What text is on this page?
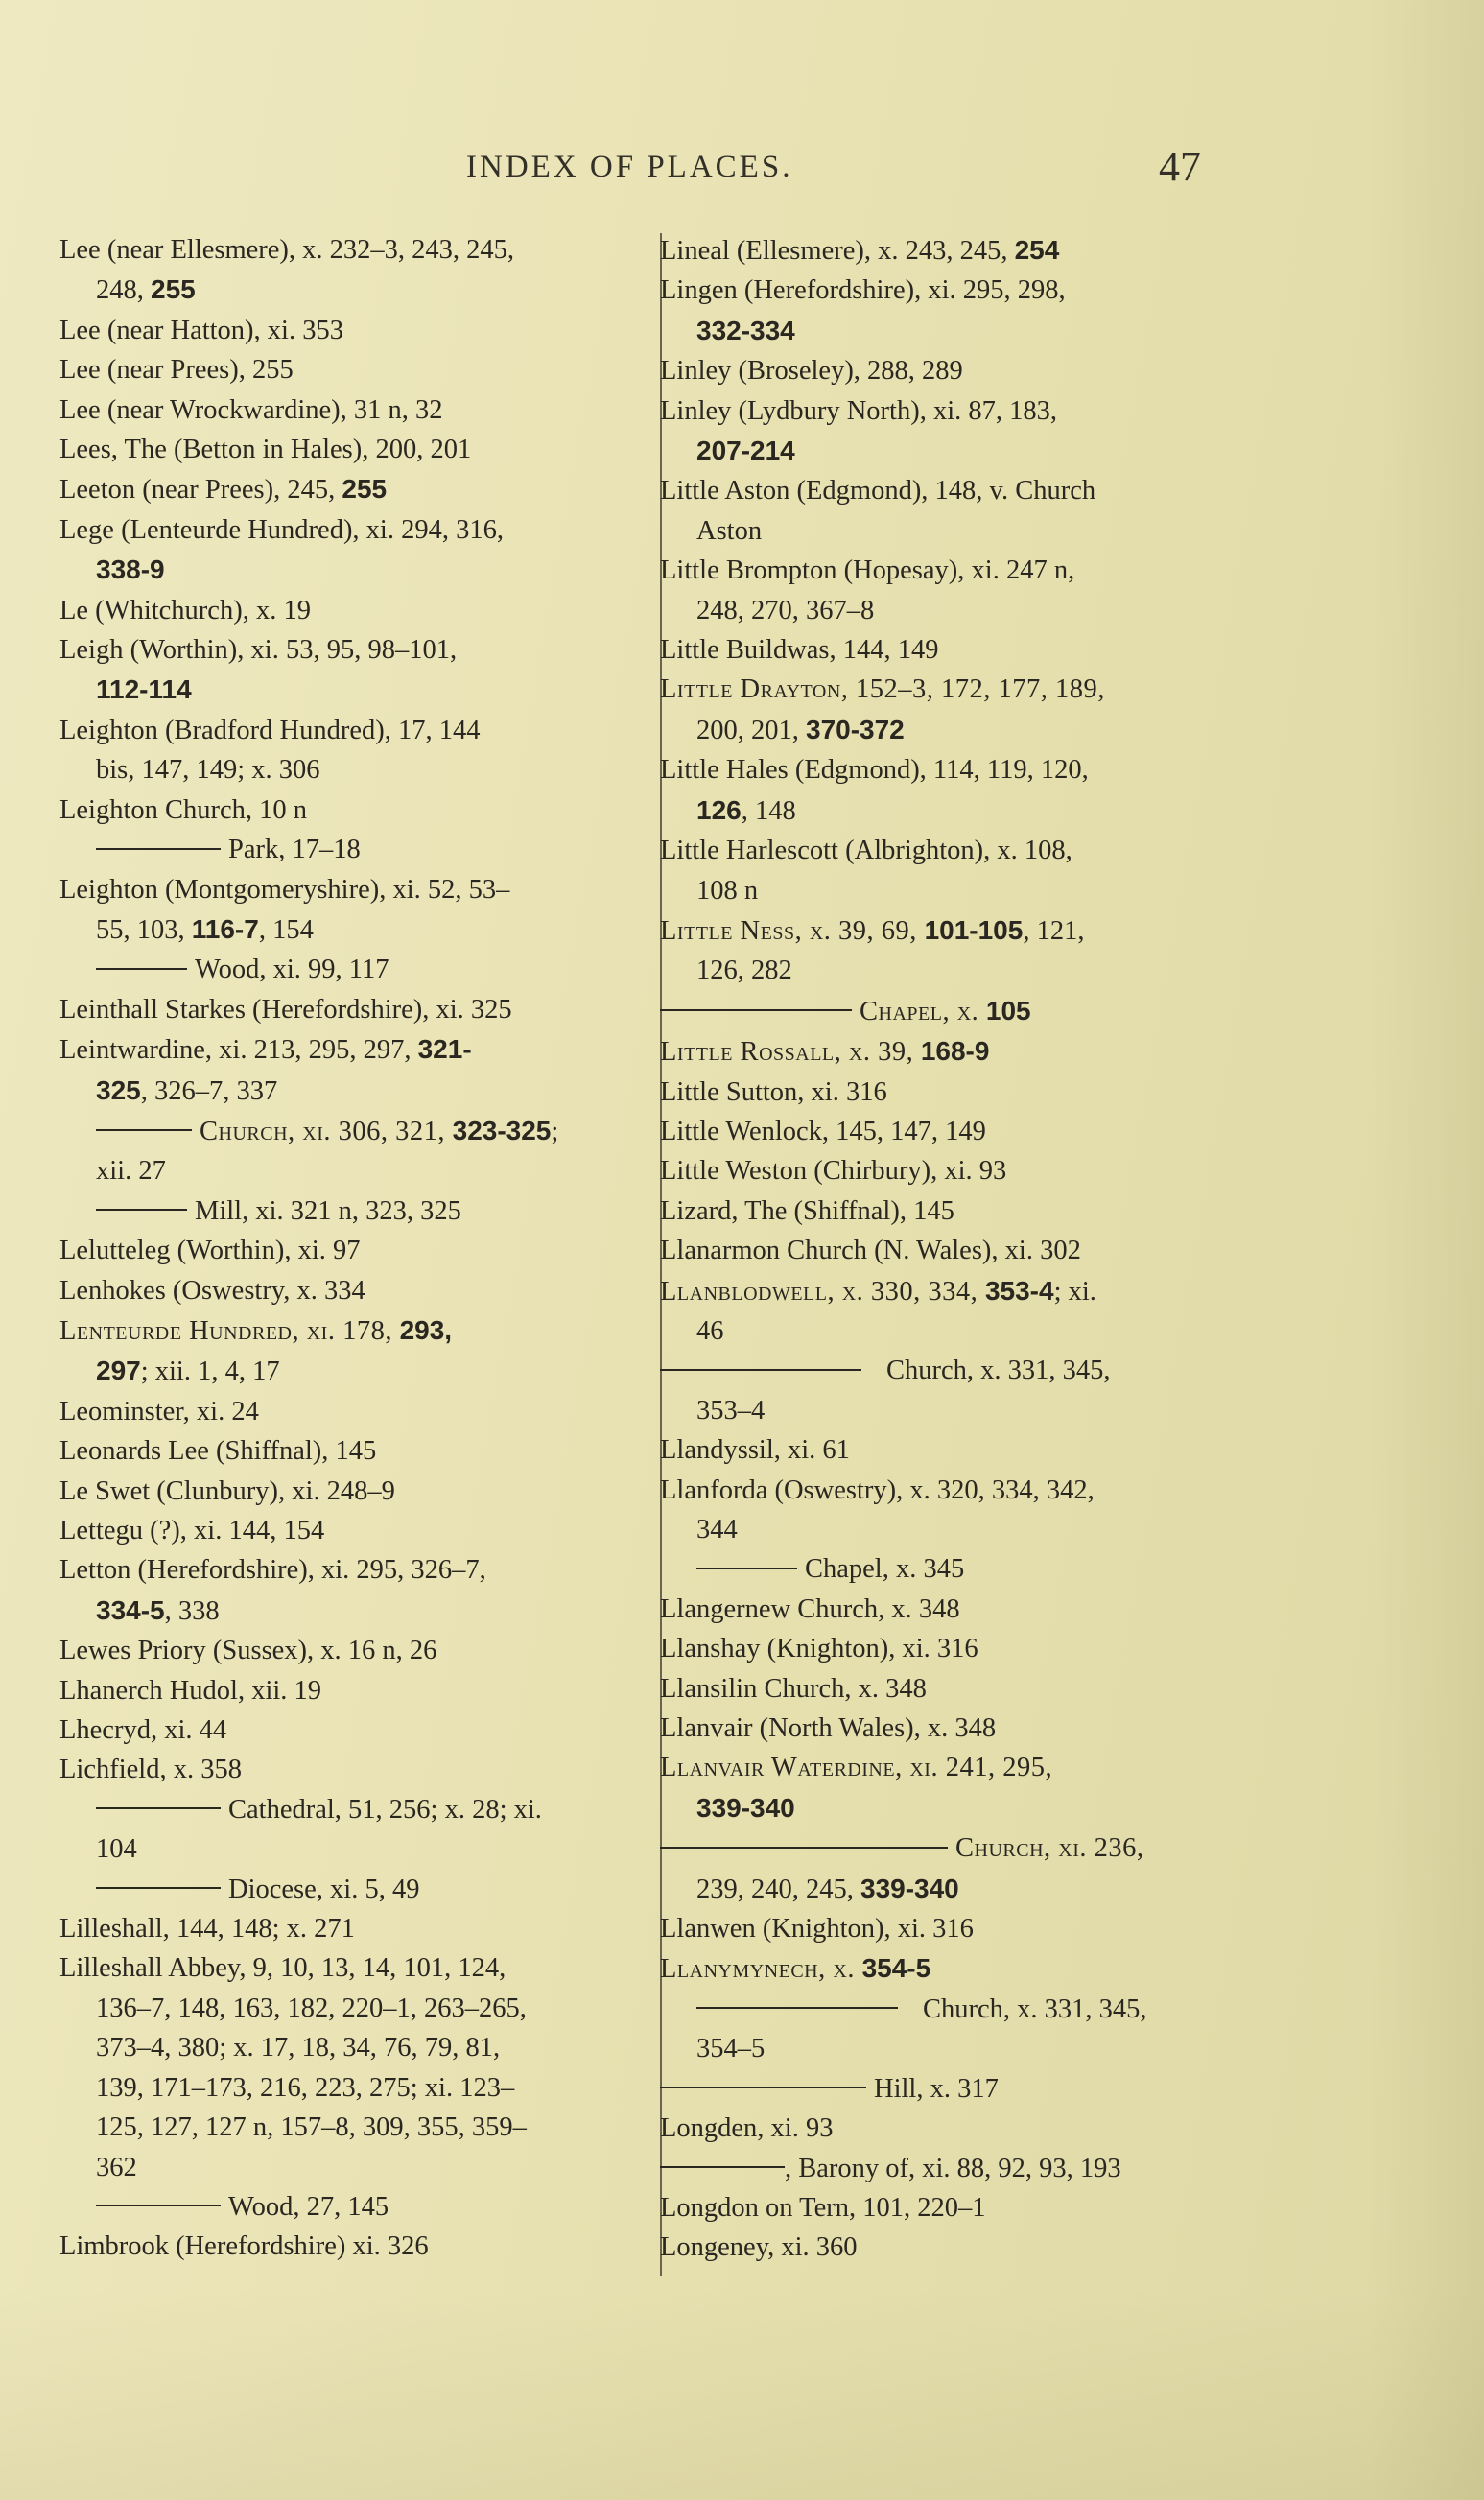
INDEX OF PLACES.	47
Lee (near Ellesmere), x. 232–3, 243, 245,
248, 255
Lee (near Hatton), xi. 353
Lee (near Prees), 255
Lee (near Wrockwardine), 31 n, 32
Lees, The (Betton in Hales), 200, 201
Leeton (near Prees), 245, 255
Lege (Lenteurde Hundred), xi. 294, 316,
338-9
Le (Whitchurch), x. 19
Leigh (Worthin), xi. 53, 95, 98–101,
112-114
Leighton (Bradford Hundred), 17, 144
bis, 147, 149; x. 306
Leighton Church, 10 n
Park, 17–18
Leighton (Montgomeryshire), xi. 52, 53–
55, 103, 116-7, 154
Wood, xi. 99, 117
Leinthall Starkes (Herefordshire), xi. 325
Leintwardine, xi. 213, 295, 297, 321-
325, 326–7, 337
Church, xi. 306, 321, 323-325;
xii. 27
Mill, xi. 321 n, 323, 325
Lelutteleg (Worthin), xi. 97
Lenhokes (Oswestry, x. 334
Lenteurde Hundred, xi. 178, 293,
297; xii. 1, 4, 17
Leominster, xi. 24
Leonards Lee (Shiffnal), 145
Le Swet (Clunbury), xi. 248–9
Lettegu (?), xi. 144, 154
Letton (Herefordshire), xi. 295, 326–7,
334-5, 338
Lewes Priory (Sussex), x. 16 n, 26
Lhanerch Hudol, xii. 19
Lhecryd, xi. 44
Lichfield, x. 358
Cathedral, 51, 256; x. 28; xi.
104
Diocese, xi. 5, 49
Lilleshall, 144, 148; x. 271
Lilleshall Abbey, 9, 10, 13, 14, 101, 124,
136–7, 148, 163, 182, 220–1, 263–265,
373–4, 380; x. 17, 18, 34, 76, 79, 81,
139, 171–173, 216, 223, 275; xi. 123–
125, 127, 127 n, 157–8, 309, 355, 359–
362
Wood, 27, 145
Limbrook (Herefordshire) xi. 326
Lineal (Ellesmere), x. 243, 245, 254
Lingen (Herefordshire), xi. 295, 298,
332-334
Linley (Broseley), 288, 289
Linley (Lydbury North), xi. 87, 183,
207-214
Little Aston (Edgmond), 148, v. Church
Aston
Little Brompton (Hopesay), xi. 247 n,
248, 270, 367–8
Little Buildwas, 144, 149
Little Drayton, 152–3, 172, 177, 189,
200, 201, 370-372
Little Hales (Edgmond), 114, 119, 120,
126, 148
Little Harlescott (Albrighton), x. 108,
108 n
Little Ness, x. 39, 69, 101-105, 121,
126, 282
Chapel, x. 105
Little Rossall, x. 39, 168-9
Little Sutton, xi. 316
Little Wenlock, 145, 147, 149
Little Weston (Chirbury), xi. 93
Lizard, The (Shiffnal), 145
Llanarmon Church (N. Wales), xi. 302
Llanblodwell, x. 330, 334, 353-4; xi.
46
Church, x. 331, 345,
353–4
Llandyssil, xi. 61
Llanforda (Oswestry), x. 320, 334, 342,
344
Chapel, x. 345
Llangernew Church, x. 348
Llanshay (Knighton), xi. 316
Llansilin Church, x. 348
Llanvair (North Wales), x. 348
Llanvair Waterdine, xi. 241, 295,
339-340
Church, xi. 236,
239, 240, 245, 339-340
Llanwen (Knighton), xi. 316
Llanymynech, x. 354-5
Church, x. 331, 345,
354–5
Hill, x. 317
Longden, xi. 93
, Barony of, xi. 88, 92, 93, 193
Longdon on Tern, 101, 220–1
Longeney, xi. 360
